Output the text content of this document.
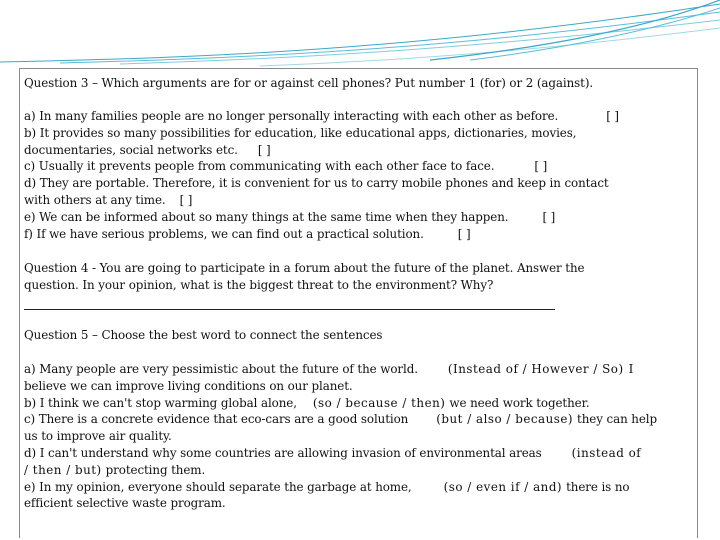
Question 3 – Which arguments are for or against cell phones? Put number 1 (for) or 2 (against).
a) In many families people are no longer personally interacting with each other as before.	[ ]
b) It provides so many possibilities for education, like educational apps, dictionaries, movies,
documentaries, social networks etc. [ ]
c) Usually it prevents people from communicating with each other face to face.	[ ]
d) They are portable. Therefore, it is convenient for us to carry mobile phones and keep in contact
with others at any time. [ ]
e) We can be informed about so many things at the same time when they happen.	[ ]
f) If we have serious problems, we can find out a practical solution.	[ ]
Question 4 - You are going to participate in a forum about the future of the planet. Answer the
question. In your opinion, what is the biggest threat to the environment? Why?
Question 5 – Choose the best word to connect the sentences
a) Many people are very pessimistic about the future of the world.	(Instead of / However / So) I
believe we can improve living conditions on our planet.
b) I think we can't stop warming global alone, (so / because / then) we need work together.
c) There is a concrete evidence that eco-cars are a good solution (but / also / because) they can help
us to improve air quality.
d) I can't understand why some countries are allowing invasion of environmental areas	(instead of
/ then / but) protecting them.
e) In my opinion, everyone should separate the garbage at home,	(so / even if / and) there is no
efficient selective waste program.
